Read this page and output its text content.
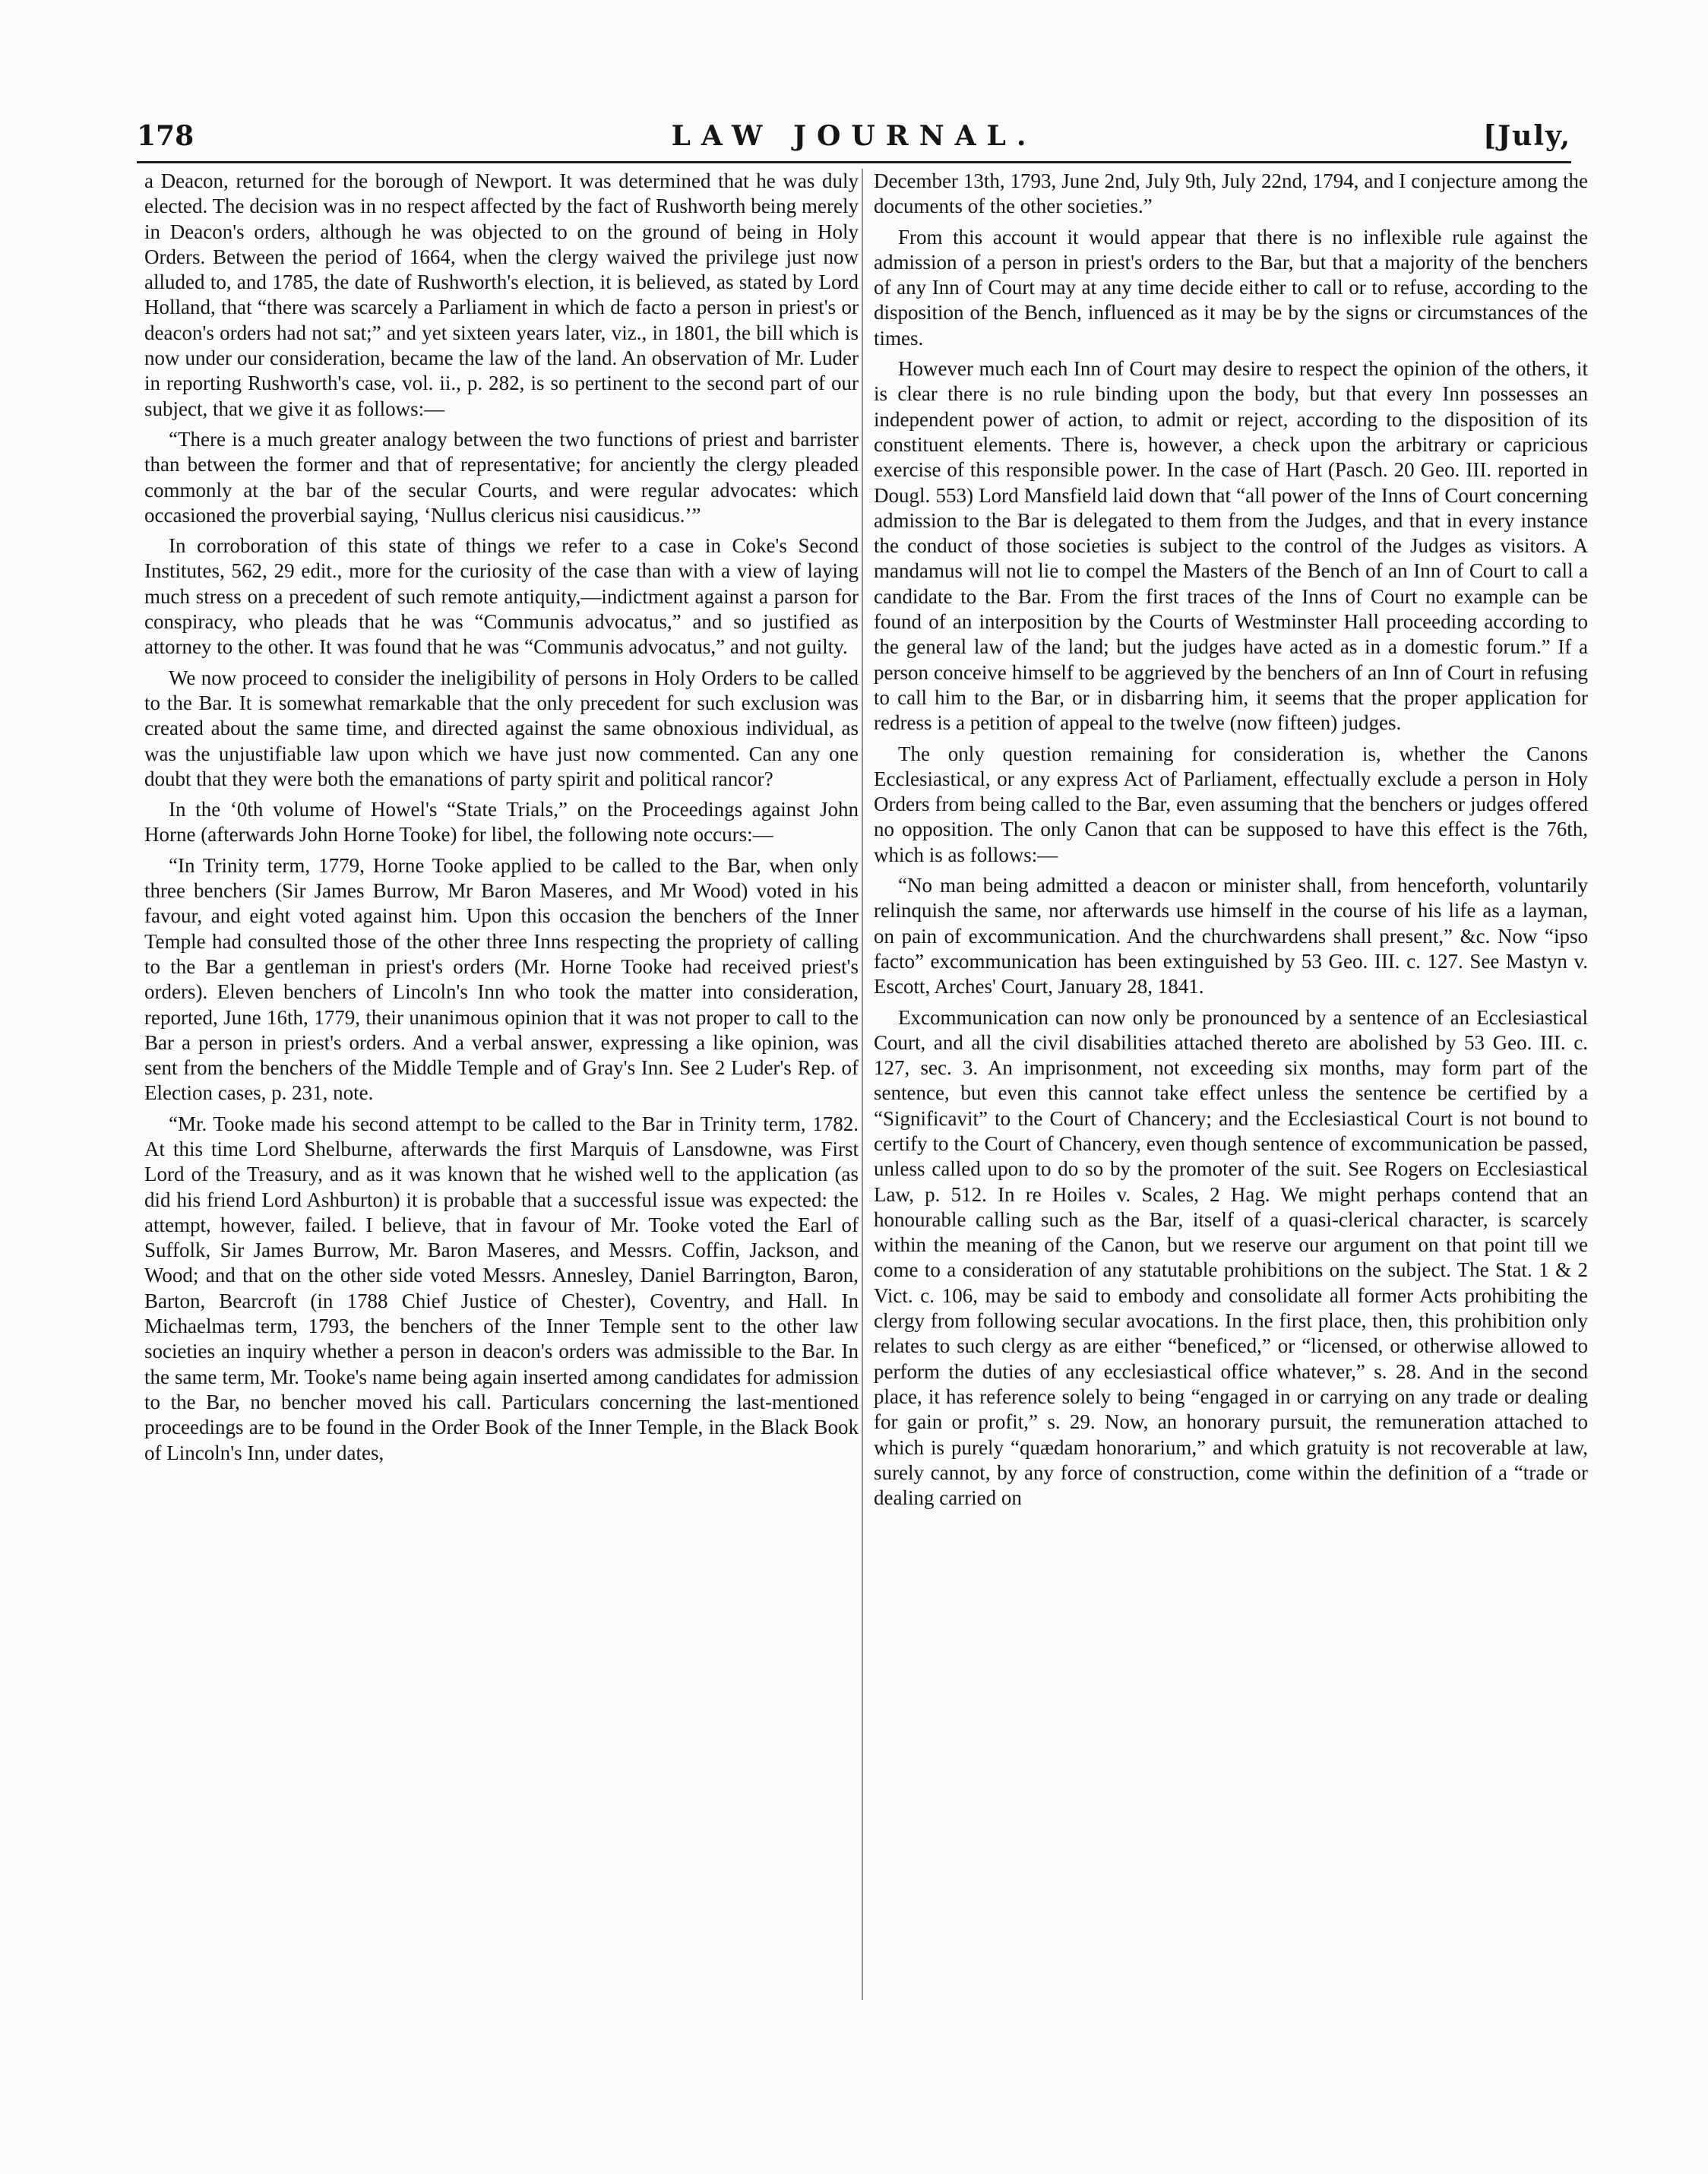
178	LAW JOURNAL.	[July,

a Deacon, returned for the borough of Newport. It was determined that he was duly elected. The decision was in no respect affected by the fact of Rushworth being merely in Deacon's orders, although he was objected to on the ground of being in Holy Orders. Between the period of 1664, when the clergy waived the privilege just now alluded to, and 1785, the date of Rushworth's election, it is believed, as stated by Lord Holland, that “there was scarcely a Parliament in which de facto a person in priest's or deacon's orders had not sat;” and yet sixteen years later, viz., in 1801, the bill which is now under our consideration, became the law of the land. An observation of Mr. Luder in reporting Rushworth's case, vol. ii., p. 282, is so pertinent to the second part of our subject, that we give it as follows:—

“There is a much greater analogy between the two functions of priest and barrister than between the former and that of representative; for anciently the clergy pleaded commonly at the bar of the secular Courts, and were regular advocates: which occasioned the proverbial saying, ‘Nullus clericus nisi causidicus.’”

In corroboration of this state of things we refer to a case in Coke's Second Institutes, 562, 29 edit., more for the curiosity of the case than with a view of laying much stress on a precedent of such remote antiquity,—indictment against a parson for conspiracy, who pleads that he was “Communis advocatus,” and so justified as attorney to the other. It was found that he was “Communis advocatus,” and not guilty.

We now proceed to consider the ineligibility of persons in Holy Orders to be called to the Bar. It is somewhat remarkable that the only precedent for such exclusion was created about the same time, and directed against the same obnoxious individual, as was the unjustifiable law upon which we have just now commented. Can any one doubt that they were both the emanations of party spirit and political rancor?

In the ‘0th volume of Howel's “State Trials,” on the Proceedings against John Horne (afterwards John Horne Tooke) for libel, the following note occurs:—

“In Trinity term, 1779, Horne Tooke applied to be called to the Bar, when only three benchers (Sir James Burrow, Mr Baron Maseres, and Mr Wood) voted in his favour, and eight voted against him. Upon this occasion the benchers of the Inner Temple had consulted those of the other three Inns respecting the propriety of calling to the Bar a gentleman in priest's orders (Mr. Horne Tooke had received priest's orders). Eleven benchers of Lincoln's Inn who took the matter into consideration, reported, June 16th, 1779, their unanimous opinion that it was not proper to call to the Bar a person in priest's orders. And a verbal answer, expressing a like opinion, was sent from the benchers of the Middle Temple and of Gray's Inn. See 2 Luder's Rep. of Election cases, p. 231, note.

“Mr. Tooke made his second attempt to be called to the Bar in Trinity term, 1782. At this time Lord Shelburne, afterwards the first Marquis of Lansdowne, was First Lord of the Treasury, and as it was known that he wished well to the application (as did his friend Lord Ashburton) it is probable that a successful issue was expected: the attempt, however, failed. I believe, that in favour of Mr. Tooke voted the Earl of Suffolk, Sir James Burrow, Mr. Baron Maseres, and Messrs. Coffin, Jackson, and Wood; and that on the other side voted Messrs. Annesley, Daniel Barrington, Baron, Barton, Bearcroft (in 1788 Chief Justice of Chester), Coventry, and Hall. In Michaelmas term, 1793, the benchers of the Inner Temple sent to the other law societies an inquiry whether a person in deacon's orders was admissible to the Bar. In the same term, Mr. Tooke's name being again inserted among candidates for admission to the Bar, no bencher moved his call. Particulars concerning the last-mentioned proceedings are to be found in the Order Book of the Inner Temple, in the Black Book of Lincoln's Inn, under dates,

December 13th, 1793, June 2nd, July 9th, July 22nd, 1794, and I conjecture among the documents of the other societies.”

From this account it would appear that there is no inflexible rule against the admission of a person in priest's orders to the Bar, but that a majority of the benchers of any Inn of Court may at any time decide either to call or to refuse, according to the disposition of the Bench, influenced as it may be by the signs or circumstances of the times.

However much each Inn of Court may desire to respect the opinion of the others, it is clear there is no rule binding upon the body, but that every Inn possesses an independent power of action, to admit or reject, according to the disposition of its constituent elements. There is, however, a check upon the arbitrary or capricious exercise of this responsible power. In the case of Hart (Pasch. 20 Geo. III. reported in Dougl. 553) Lord Mansfield laid down that “all power of the Inns of Court concerning admission to the Bar is delegated to them from the Judges, and that in every instance the conduct of those societies is subject to the control of the Judges as visitors. A mandamus will not lie to compel the Masters of the Bench of an Inn of Court to call a candidate to the Bar. From the first traces of the Inns of Court no example can be found of an interposition by the Courts of Westminster Hall proceeding according to the general law of the land; but the judges have acted as in a domestic forum.” If a person conceive himself to be aggrieved by the benchers of an Inn of Court in refusing to call him to the Bar, or in disbarring him, it seems that the proper application for redress is a petition of appeal to the twelve (now fifteen) judges.

The only question remaining for consideration is, whether the Canons Ecclesiastical, or any express Act of Parliament, effectually exclude a person in Holy Orders from being called to the Bar, even assuming that the benchers or judges offered no opposition. The only Canon that can be supposed to have this effect is the 76th, which is as follows:—

“No man being admitted a deacon or minister shall, from henceforth, voluntarily relinquish the same, nor afterwards use himself in the course of his life as a layman, on pain of excommunication. And the churchwardens shall present,” &c. Now “ipso facto” excommunication has been extinguished by 53 Geo. III. c. 127. See Mastyn v. Escott, Arches' Court, January 28, 1841.

Excommunication can now only be pronounced by a sentence of an Ecclesiastical Court, and all the civil disabilities attached thereto are abolished by 53 Geo. III. c. 127, sec. 3. An imprisonment, not exceeding six months, may form part of the sentence, but even this cannot take effect unless the sentence be certified by a “Significavit” to the Court of Chancery; and the Ecclesiastical Court is not bound to certify to the Court of Chancery, even though sentence of excommunication be passed, unless called upon to do so by the promoter of the suit. See Rogers on Ecclesiastical Law, p. 512. In re Hoiles v. Scales, 2 Hag. We might perhaps contend that an honourable calling such as the Bar, itself of a quasi-clerical character, is scarcely within the meaning of the Canon, but we reserve our argument on that point till we come to a consideration of any statutable prohibitions on the subject. The Stat. 1 & 2 Vict. c. 106, may be said to embody and consolidate all former Acts prohibiting the clergy from following secular avocations. In the first place, then, this prohibition only relates to such clergy as are either “beneficed,” or “licensed, or otherwise allowed to perform the duties of any ecclesiastical office whatever,” s. 28. And in the second place, it has reference solely to being “engaged in or carrying on any trade or dealing for gain or profit,” s. 29. Now, an honorary pursuit, the remuneration attached to which is purely “quædam honorarium,” and which gratuity is not recoverable at law, surely cannot, by any force of construction, come within the definition of a “trade or dealing carried on
